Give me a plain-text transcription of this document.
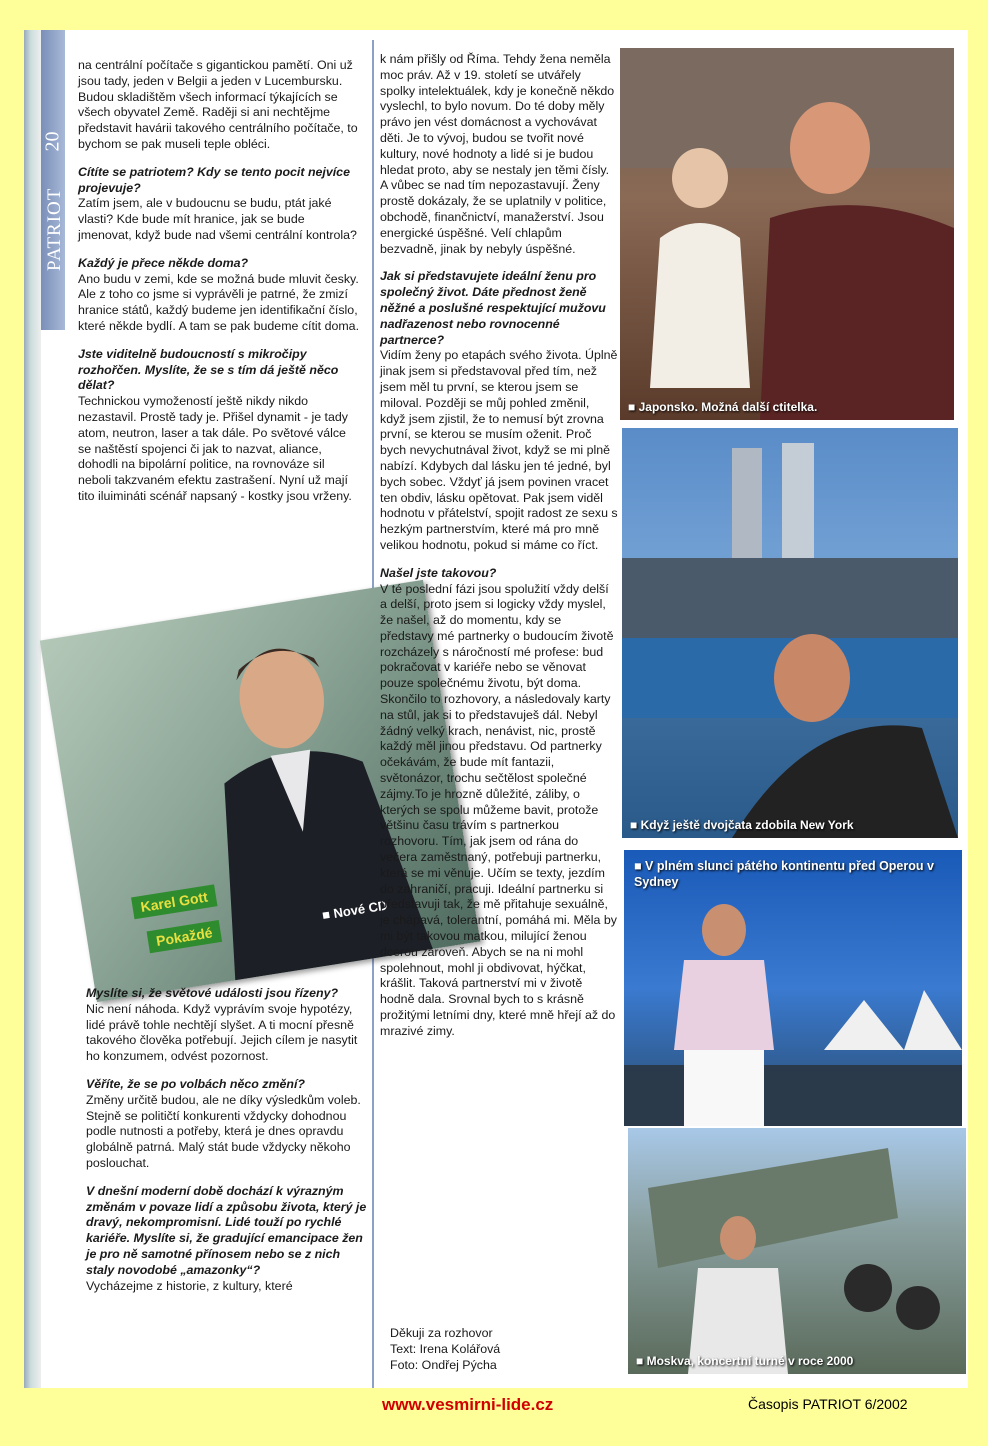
20
PATRIOT

na centrální počítače s gigantickou pamětí. Oni už jsou tady, jeden v Belgii a jeden v Lucembursku. Budou skladištěm všech informací týkajících se všech obyvatel Země. Raději si ani nechtějme představit havárii takového centrálního počítače, to bychom se pak museli teple obléci.

Cítíte se patriotem? Kdy se tento pocit nejvíce projevuje?

Zatím jsem, ale v budoucnu se budu, ptát jaké vlasti? Kde bude mít hranice, jak se bude jmenovat, když bude nad všemi centrální kontrola?

Každý je přece někde doma?

Ano budu v zemi, kde se možná bude mluvit česky. Ale z toho co jsme si vyprávěli je patrné, že zmizí hranice států, každý budeme jen identifikační číslo, které někde bydlí. A tam se pak budeme cítit doma.

Jste viditelně budoucností s mikročipy rozhořčen. Myslíte, že se s tím dá ještě něco dělat?

Technickou vymožeností ještě nikdy nikdo nezastavil. Prostě tady je. Přišel dynamit - je tady atom, neutron, laser a tak dále. Po světové válce se naštěstí spojenci či jak to nazvat, aliance, dohodli na bipolární politice, na rovnováze sil neboli takzvaném efektu zastrašení. Nyní už mají tito iluimináti scénář napsaný - kostky jsou vrženy.

Karel Gott
Pokaždé
■ Nové CD

Myslíte si, že světové události jsou řízeny?

Nic není náhoda. Když vyprávím svoje hypotézy, lidé právě tohle nechtějí slyšet. A ti mocní přesně takového člověka potřebují. Jejich cílem je nasytit ho konzumem, odvést pozornost.

Věříte, že se po volbách něco změní?

Změny určitě budou, ale ne díky výsledkům voleb. Stejně se političtí konkurenti vždycky dohodnou podle nutnosti a potřeby, která je dnes opravdu globálně patrná. Malý stát bude vždycky někoho poslouchat.

V dnešní moderní době dochází k výrazným změnám v povaze lidí a způsobu života, který je dravý, nekompromisní. Lidé touží po rychlé kariéře. Myslíte si, že gradující emancipace žen je pro ně samotné přínosem nebo se z nich staly novodobé „amazonky“?

Vycházejme z historie, z kultury, které

k nám přišly od Říma. Tehdy žena neměla moc práv. Až v 19. století se utvářely spolky intelektuálek, kdy je konečně někdo vyslechl, to bylo novum. Do té doby měly právo jen vést domácnost a vychovávat děti. Je to vývoj, budou se tvořit nové kultury, nové hodnoty a lidé si je budou hledat proto, aby se nestaly jen těmi čísly. A vůbec se nad tím nepozastavují. Ženy prostě dokázaly, že se uplatnily v politice, obchodě, finančnictví, manažerství. Jsou energické úspěšné. Velí chlapům bezvadně, jinak by nebyly úspěšné.

Jak si představujete ideální ženu pro společný život. Dáte přednost ženě něžné a poslušné respektující mužovu nadřazenost nebo rovnocenné partnerce?

Vidím ženy po etapách svého života. Úplně jinak jsem si představoval před tím, než jsem měl tu první, se kterou jsem se miloval. Později se můj pohled změnil, když jsem zjistil, že to nemusí být zrovna první, se kterou se musím oženit. Proč bych nevychutnával život, když se mi plně nabízí. Kdybych dal lásku jen té jedné, byl bych sobec. Vždyť já jsem povinen vracet ten obdiv, lásku opětovat. Pak jsem viděl hodnotu v přátelství, spojit radost ze sexu s hezkým partnerstvím, které má pro mně velikou hodnotu, pokud si máme co říct.

Našel jste takovou?

V té poslední fázi jsou spolužití vždy delší a delší, proto jsem si logicky vždy myslel, že našel, až do momentu, kdy se představy mé partnerky o budoucím životě rozcházely s náročností mé profese: bud pokračovat v kariéře nebo se věnovat pouze společnému životu, být doma. Skončilo to rozhovory, a následovaly karty na stůl, jak si to představuješ dál. Nebyl žádný velký krach, nenávist, nic, prostě každý měl jinou představu. Od partnerky očekávám, že bude mít fantazii, světonázor, trochu sečtělost společné zájmy.To je hrozně důležité, záliby, o kterých se spolu můžeme bavit, protože většinu času trávím s partnerkou rozhovoru. Tím, jak jsem od rána do večera zaměstnaný, potřebuji partnerku, která se mi věnuje. Učím se texty, jezdím do zahraničí, pracuji. Ideální partnerku si představuji tak, že mě přitahuje sexuálně, je chápavá, tolerantní, pomáhá mi. Měla by mi být takovou matkou, milující ženou dcerou zároveň. Abych se na ni mohl spolehnout, mohl ji obdivovat, hýčkat, krášlit. Taková partnerství mi v životě hodně dala. Srovnal bych to s krásně prožitými letními dny, které mně hřejí až do mrazivé zimy.

Děkuji za rozhovor

Text: Irena Kolářová

Foto: Ondřej Pýcha

■ Japonsko. Možná další ctitelka.
■ Když ještě dvojčata zdobila New York
■ V plném slunci pátého kontinentu před Operou v Sydney
■ Moskva, koncertní turné v roce 2000
www.vesmirni-lide.cz	Časopis PATRIOT 6/2002
